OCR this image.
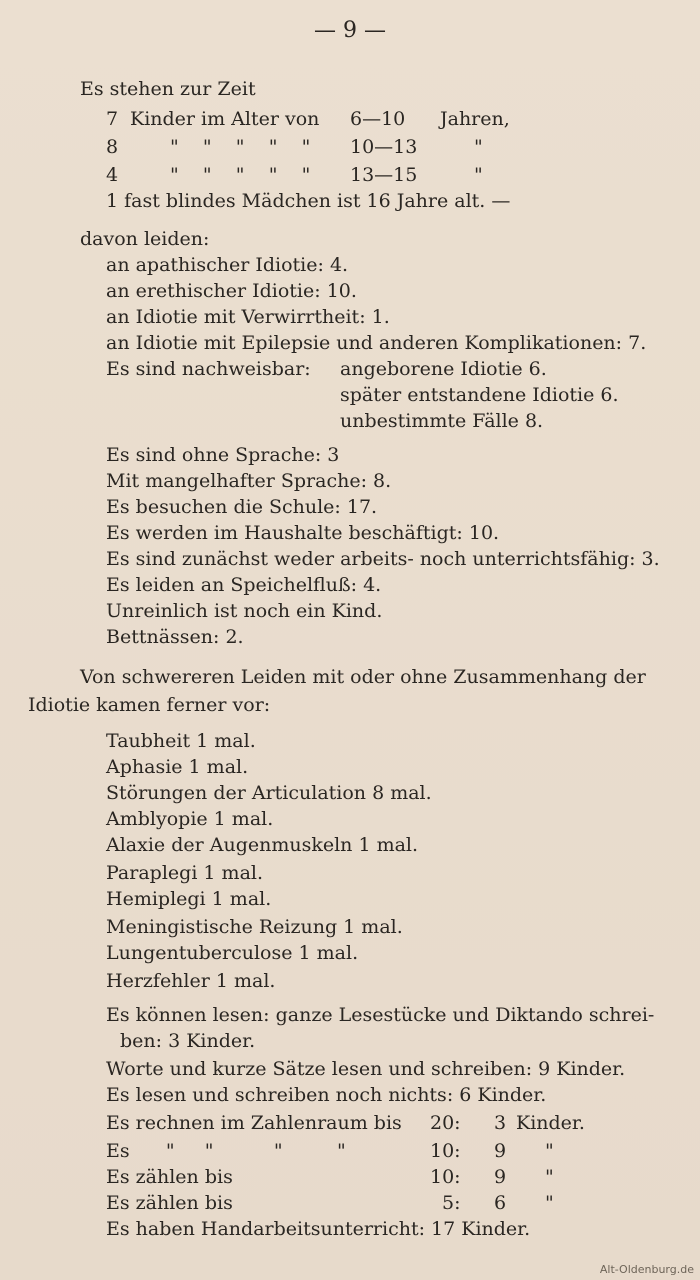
— 9 —
Es stehen zur Zeit
7 Kinder im Alter von 6—10 Jahren,
8	"    "    "    "    " 10—13	"
4	"    "    "    "    " 13—15	"
1 fast blindes Mädchen ist 16 Jahre alt. —
davon leiden:
an apathischer Idiotie: 4.
an erethischer Idiotie: 10.
an Idiotie mit Verwirrtheit: 1.
an Idiotie mit Epilepsie und anderen Komplikationen: 7.
Es sind nachweisbar: angeborene Idiotie 6.
später entstandene Idiotie 6.
unbestimmte Fälle 8.
Es sind ohne Sprache: 3
Mit mangelhafter Sprache: 8.
Es besuchen die Schule: 17.
Es werden im Haushalte beschäftigt: 10.
Es sind zunächst weder arbeits- noch unterrichtsfähig: 3.
Es leiden an Speichelfluß: 4.
Unreinlich ist noch ein Kind.
Bettnässen: 2.
Von schwereren Leiden mit oder ohne Zusammenhang der
Idiotie kamen ferner vor:
Taubheit 1 mal.
Aphasie 1 mal.
Störungen der Articulation 8 mal.
Amblyopie 1 mal.
Alaxie der Augenmuskeln 1 mal.
Paraplegi 1 mal.
Hemiplegi 1 mal.
Meningistische Reizung 1 mal.
Lungentuberculose 1 mal.
Herzfehler 1 mal.
Es können lesen: ganze Lesestücke und Diktando schrei-
ben: 3 Kinder.
Worte und kurze Sätze lesen und schreiben: 9 Kinder.
Es lesen und schreiben noch nichts: 6 Kinder.
Es rechnen im Zahlenraum bis 20: 3 Kinder.
Es      "     "          "         "	10: 9 "
Es zählen bis	10: 9 "
Es zählen bis	5: 6 "
Es haben Handarbeitsunterricht: 17 Kinder.
Alt-Oldenburg.de
